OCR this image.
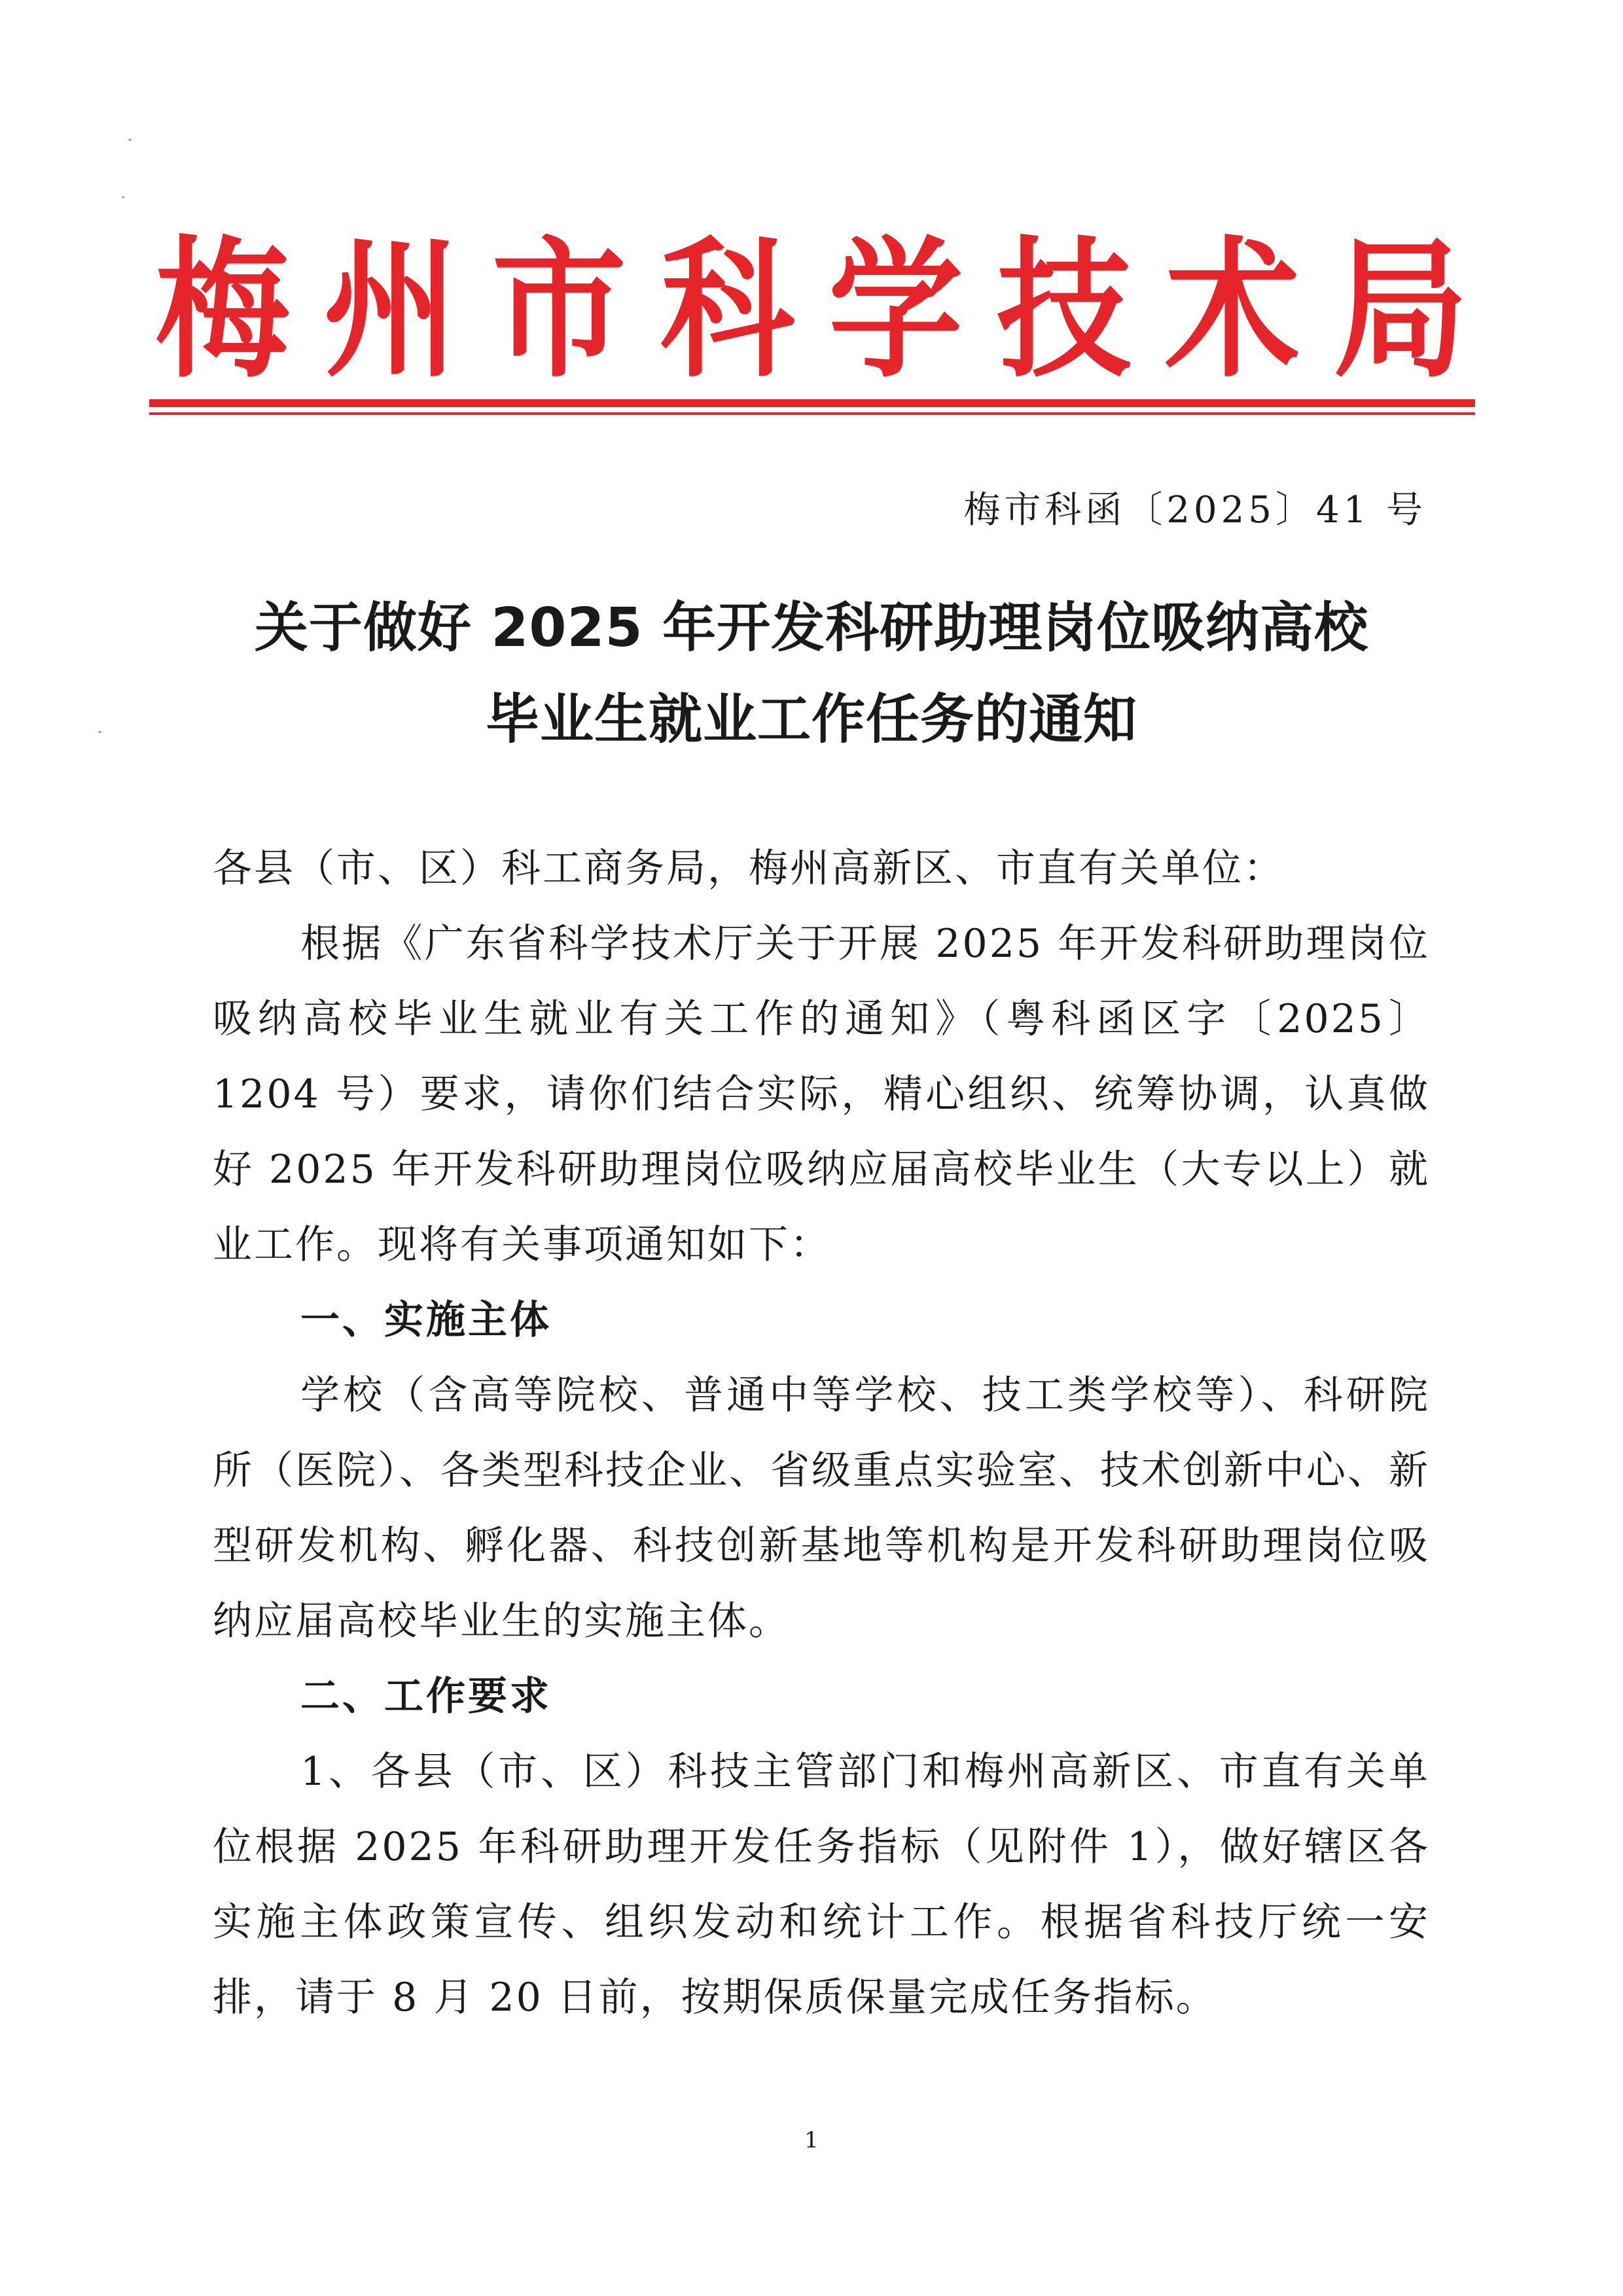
梅 州 市 科 学 技 术 局
梅市科函〔2025〕41 号
关于做好 2025 年开发科研助理岗位吸纳高校
毕业生就业工作任务的通知

各县（市、区）科工商务局，梅州高新区、市直有关单位：

根据《广东省科学技术厅关于开展 2025 年开发科研助理岗位吸纳高校毕业生就业有关工作的通知》（粤科函区字〔2025〕1204 号）要求，请你们结合实际，精心组织、统筹协调，认真做好 2025 年开发科研助理岗位吸纳应届高校毕业生（大专以上）就业工作。现将有关事项通知如下：

一、实施主体

学校（含高等院校、普通中等学校、技工类学校等）、科研院所（医院）、各类型科技企业、省级重点实验室、技术创新中心、新型研发机构、孵化器、科技创新基地等机构是开发科研助理岗位吸纳应届高校毕业生的实施主体。

二、工作要求

1、各县（市、区）科技主管部门和梅州高新区、市直有关单位根据 2025 年科研助理开发任务指标（见附件 1），做好辖区各实施主体政策宣传、组织发动和统计工作。根据省科技厅统一安排，请于 8 月 20 日前，按期保质保量完成任务指标。

1
